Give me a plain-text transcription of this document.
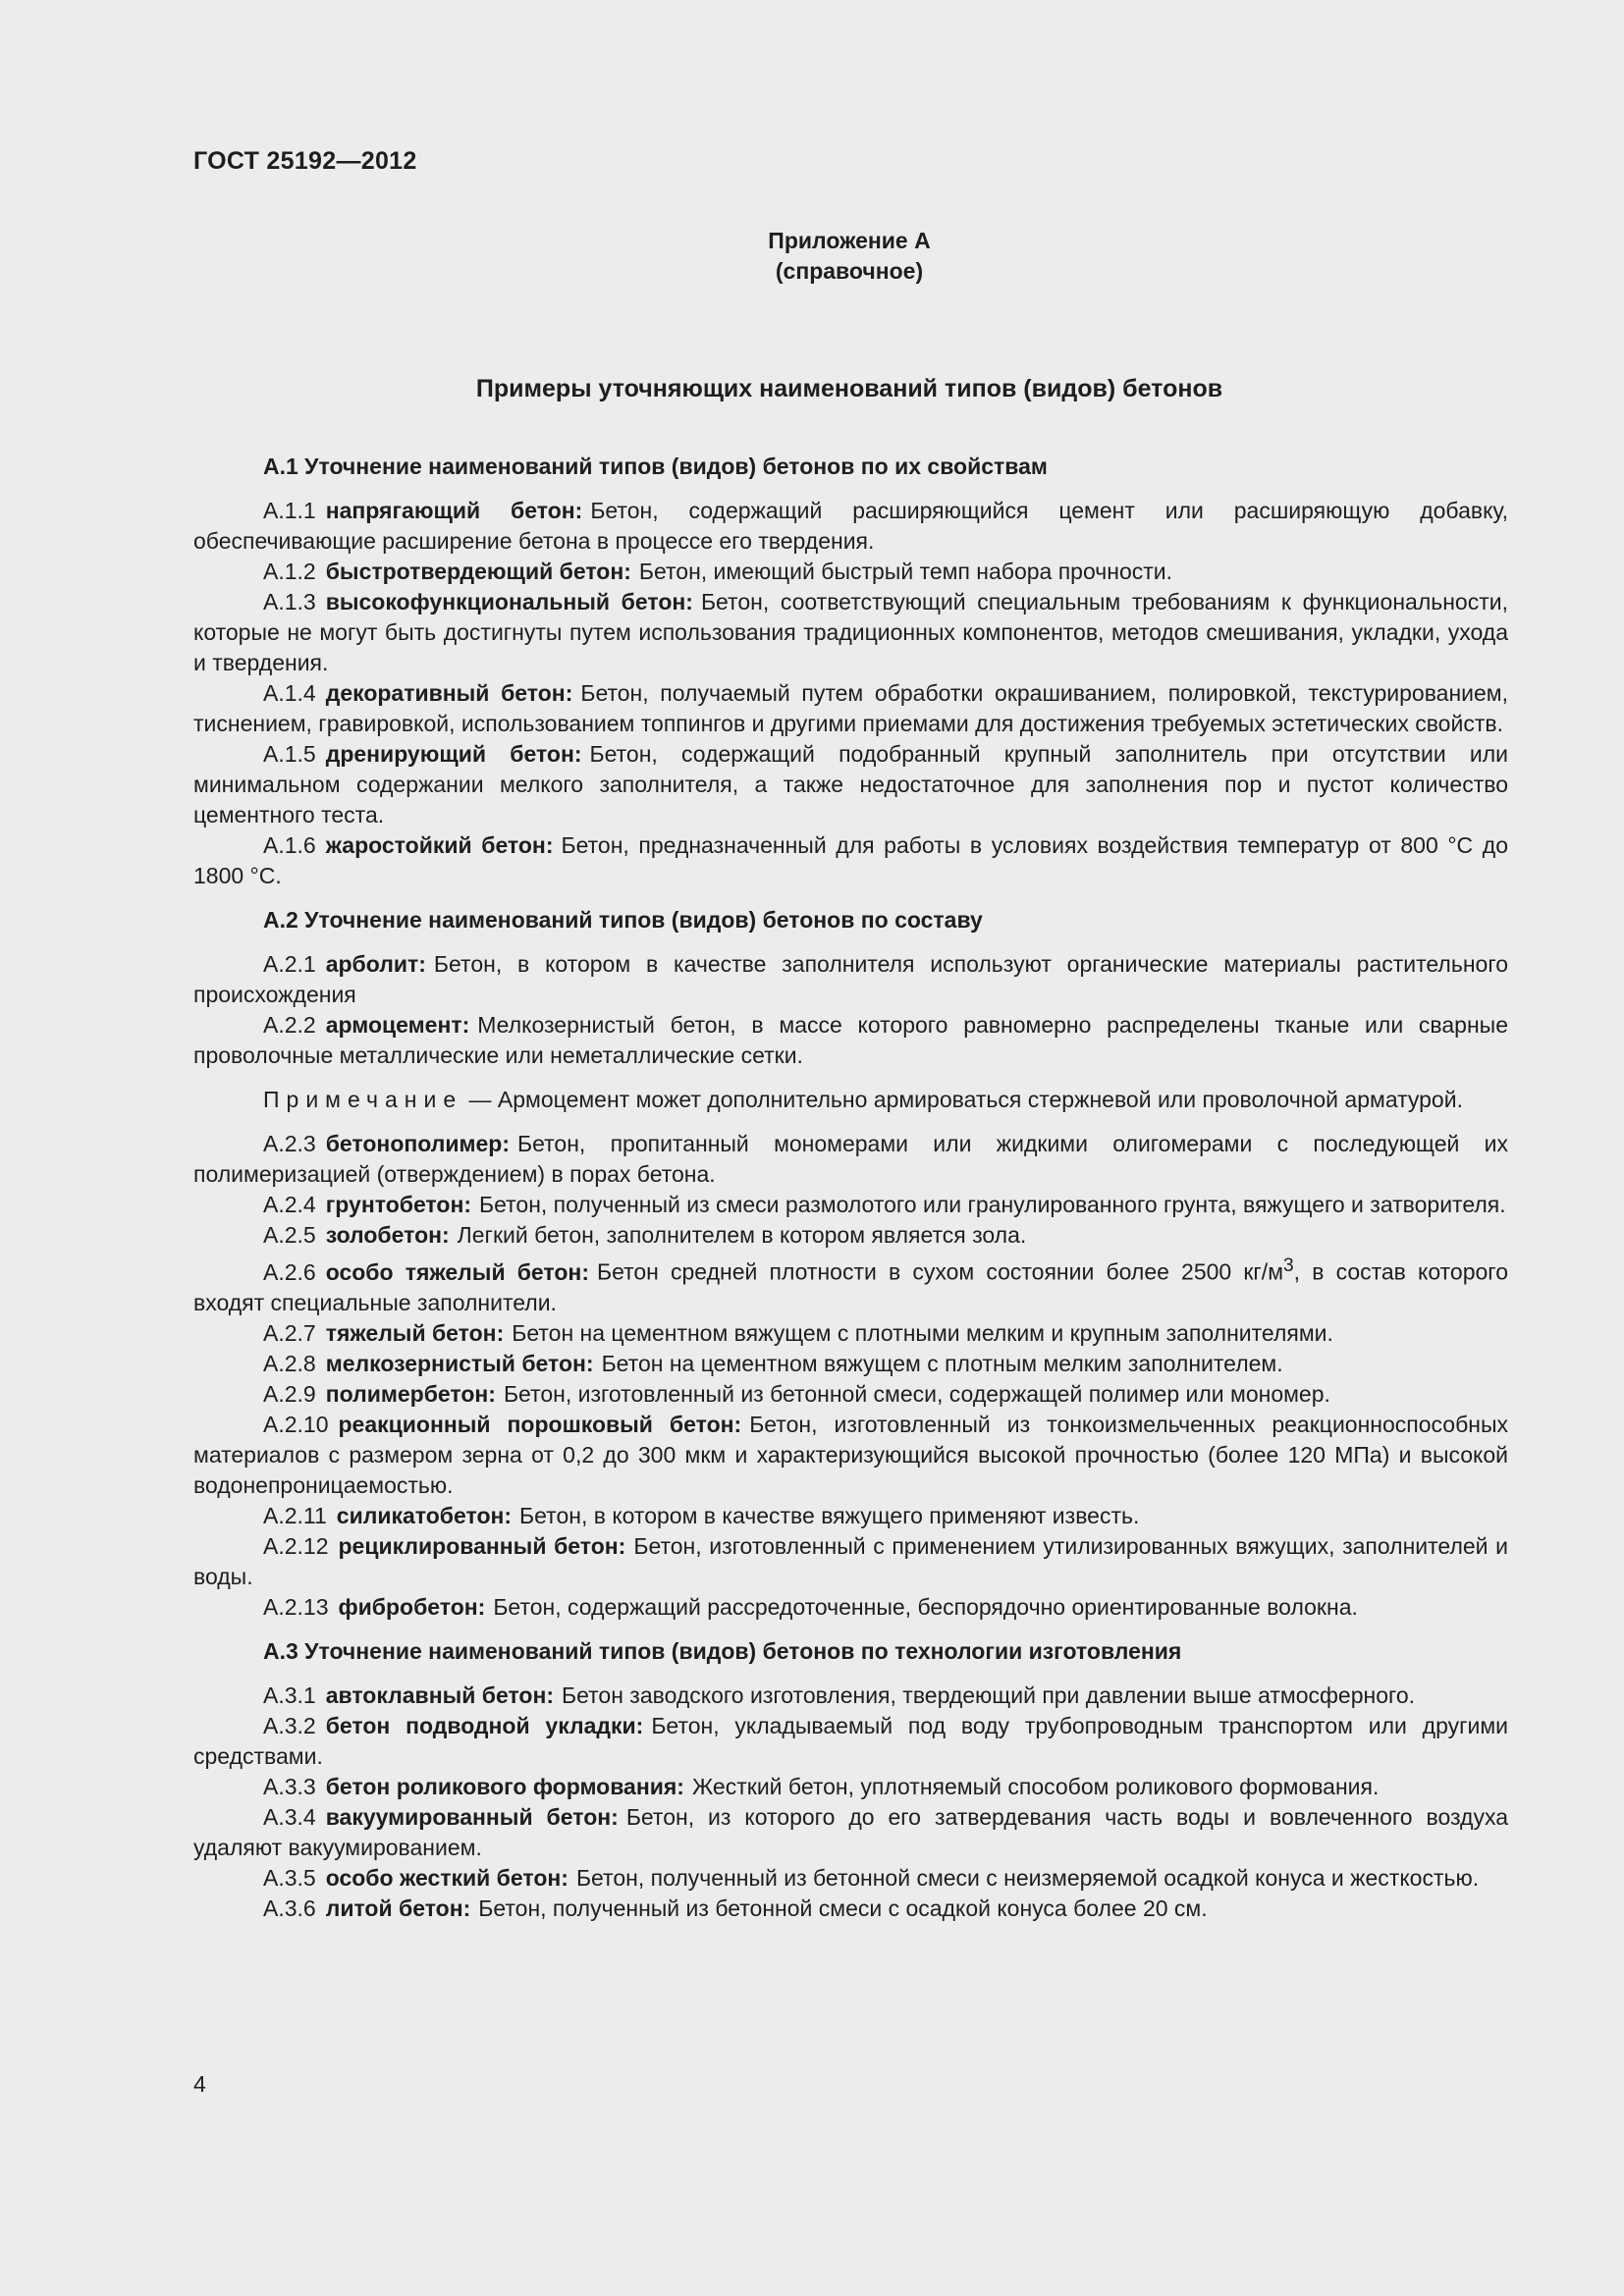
ГОСТ 25192—2012
Приложение А
(справочное)
Примеры уточняющих наименований типов (видов) бетонов

А.1 Уточнение наименований типов (видов) бетонов по их свойствам

А.1.1 напрягающий бетон: Бетон, содержащий расширяющийся цемент или расширяющую добавку, обеспечивающие расширение бетона в процессе его твердения.

А.1.2 быстротвердеющий бетон: Бетон, имеющий быстрый темп набора прочности.

А.1.3 высокофункциональный бетон: Бетон, соответствующий специальным требованиям к функциональности, которые не могут быть достигнуты путем использования традиционных компонентов, методов смешивания, укладки, ухода и твердения.

А.1.4 декоративный бетон: Бетон, получаемый путем обработки окрашиванием, полировкой, текстурированием, тиснением, гравировкой, использованием топпингов и другими приемами для достижения требуемых эстетических свойств.

А.1.5 дренирующий бетон: Бетон, содержащий подобранный крупный заполнитель при отсутствии или минимальном содержании мелкого заполнителя, а также недостаточное для заполнения пор и пустот количество цементного теста.

А.1.6 жаростойкий бетон: Бетон, предназначенный для работы в условиях воздействия температур от 800 °С до 1800 °С.

А.2 Уточнение наименований типов (видов) бетонов по составу

А.2.1 арболит: Бетон, в котором в качестве заполнителя используют органические материалы растительного происхождения

А.2.2 армоцемент: Мелкозернистый бетон, в массе которого равномерно распределены тканые или сварные проволочные металлические или неметаллические сетки.

Примечание — Армоцемент может дополнительно армироваться стержневой или проволочной арматурой.

А.2.3 бетонополимер: Бетон, пропитанный мономерами или жидкими олигомерами с последующей их полимеризацией (отверждением) в порах бетона.

А.2.4 грунтобетон: Бетон, полученный из смеси размолотого или гранулированного грунта, вяжущего и затворителя.

А.2.5 золобетон: Легкий бетон, заполнителем в котором является зола.

А.2.6 особо тяжелый бетон: Бетон средней плотности в сухом состоянии более 2500 $кг/м^3$, в состав которого входят специальные заполнители.

А.2.7 тяжелый бетон: Бетон на цементном вяжущем с плотными мелким и крупным заполнителями.

А.2.8 мелкозернистый бетон: Бетон на цементном вяжущем с плотным мелким заполнителем.

А.2.9 полимербетон: Бетон, изготовленный из бетонной смеси, содержащей полимер или мономер.

А.2.10 реакционный порошковый бетон: Бетон, изготовленный из тонкоизмельченных реакционноспособных материалов с размером зерна от 0,2 до 300 мкм и характеризующийся высокой прочностью (более 120 МПа) и высокой водонепроницаемостью.

А.2.11 силикатобетон: Бетон, в котором в качестве вяжущего применяют известь.

А.2.12 рециклированный бетон: Бетон, изготовленный с применением утилизированных вяжущих, заполнителей и воды.

А.2.13 фибробетон: Бетон, содержащий рассредоточенные, беспорядочно ориентированные волокна.

А.3 Уточнение наименований типов (видов) бетонов по технологии изготовления

А.3.1 автоклавный бетон: Бетон заводского изготовления, твердеющий при давлении выше атмосферного.

А.3.2 бетон подводной укладки: Бетон, укладываемый под воду трубопроводным транспортом или другими средствами.

А.3.3 бетон роликового формования: Жесткий бетон, уплотняемый способом роликового формования.

А.3.4 вакуумированный бетон: Бетон, из которого до его затвердевания часть воды и вовлеченного воздуха удаляют вакуумированием.

А.3.5 особо жесткий бетон: Бетон, полученный из бетонной смеси с неизмеряемой осадкой конуса и жесткостью.

А.3.6 литой бетон: Бетон, полученный из бетонной смеси с осадкой конуса более 20 см.

4
